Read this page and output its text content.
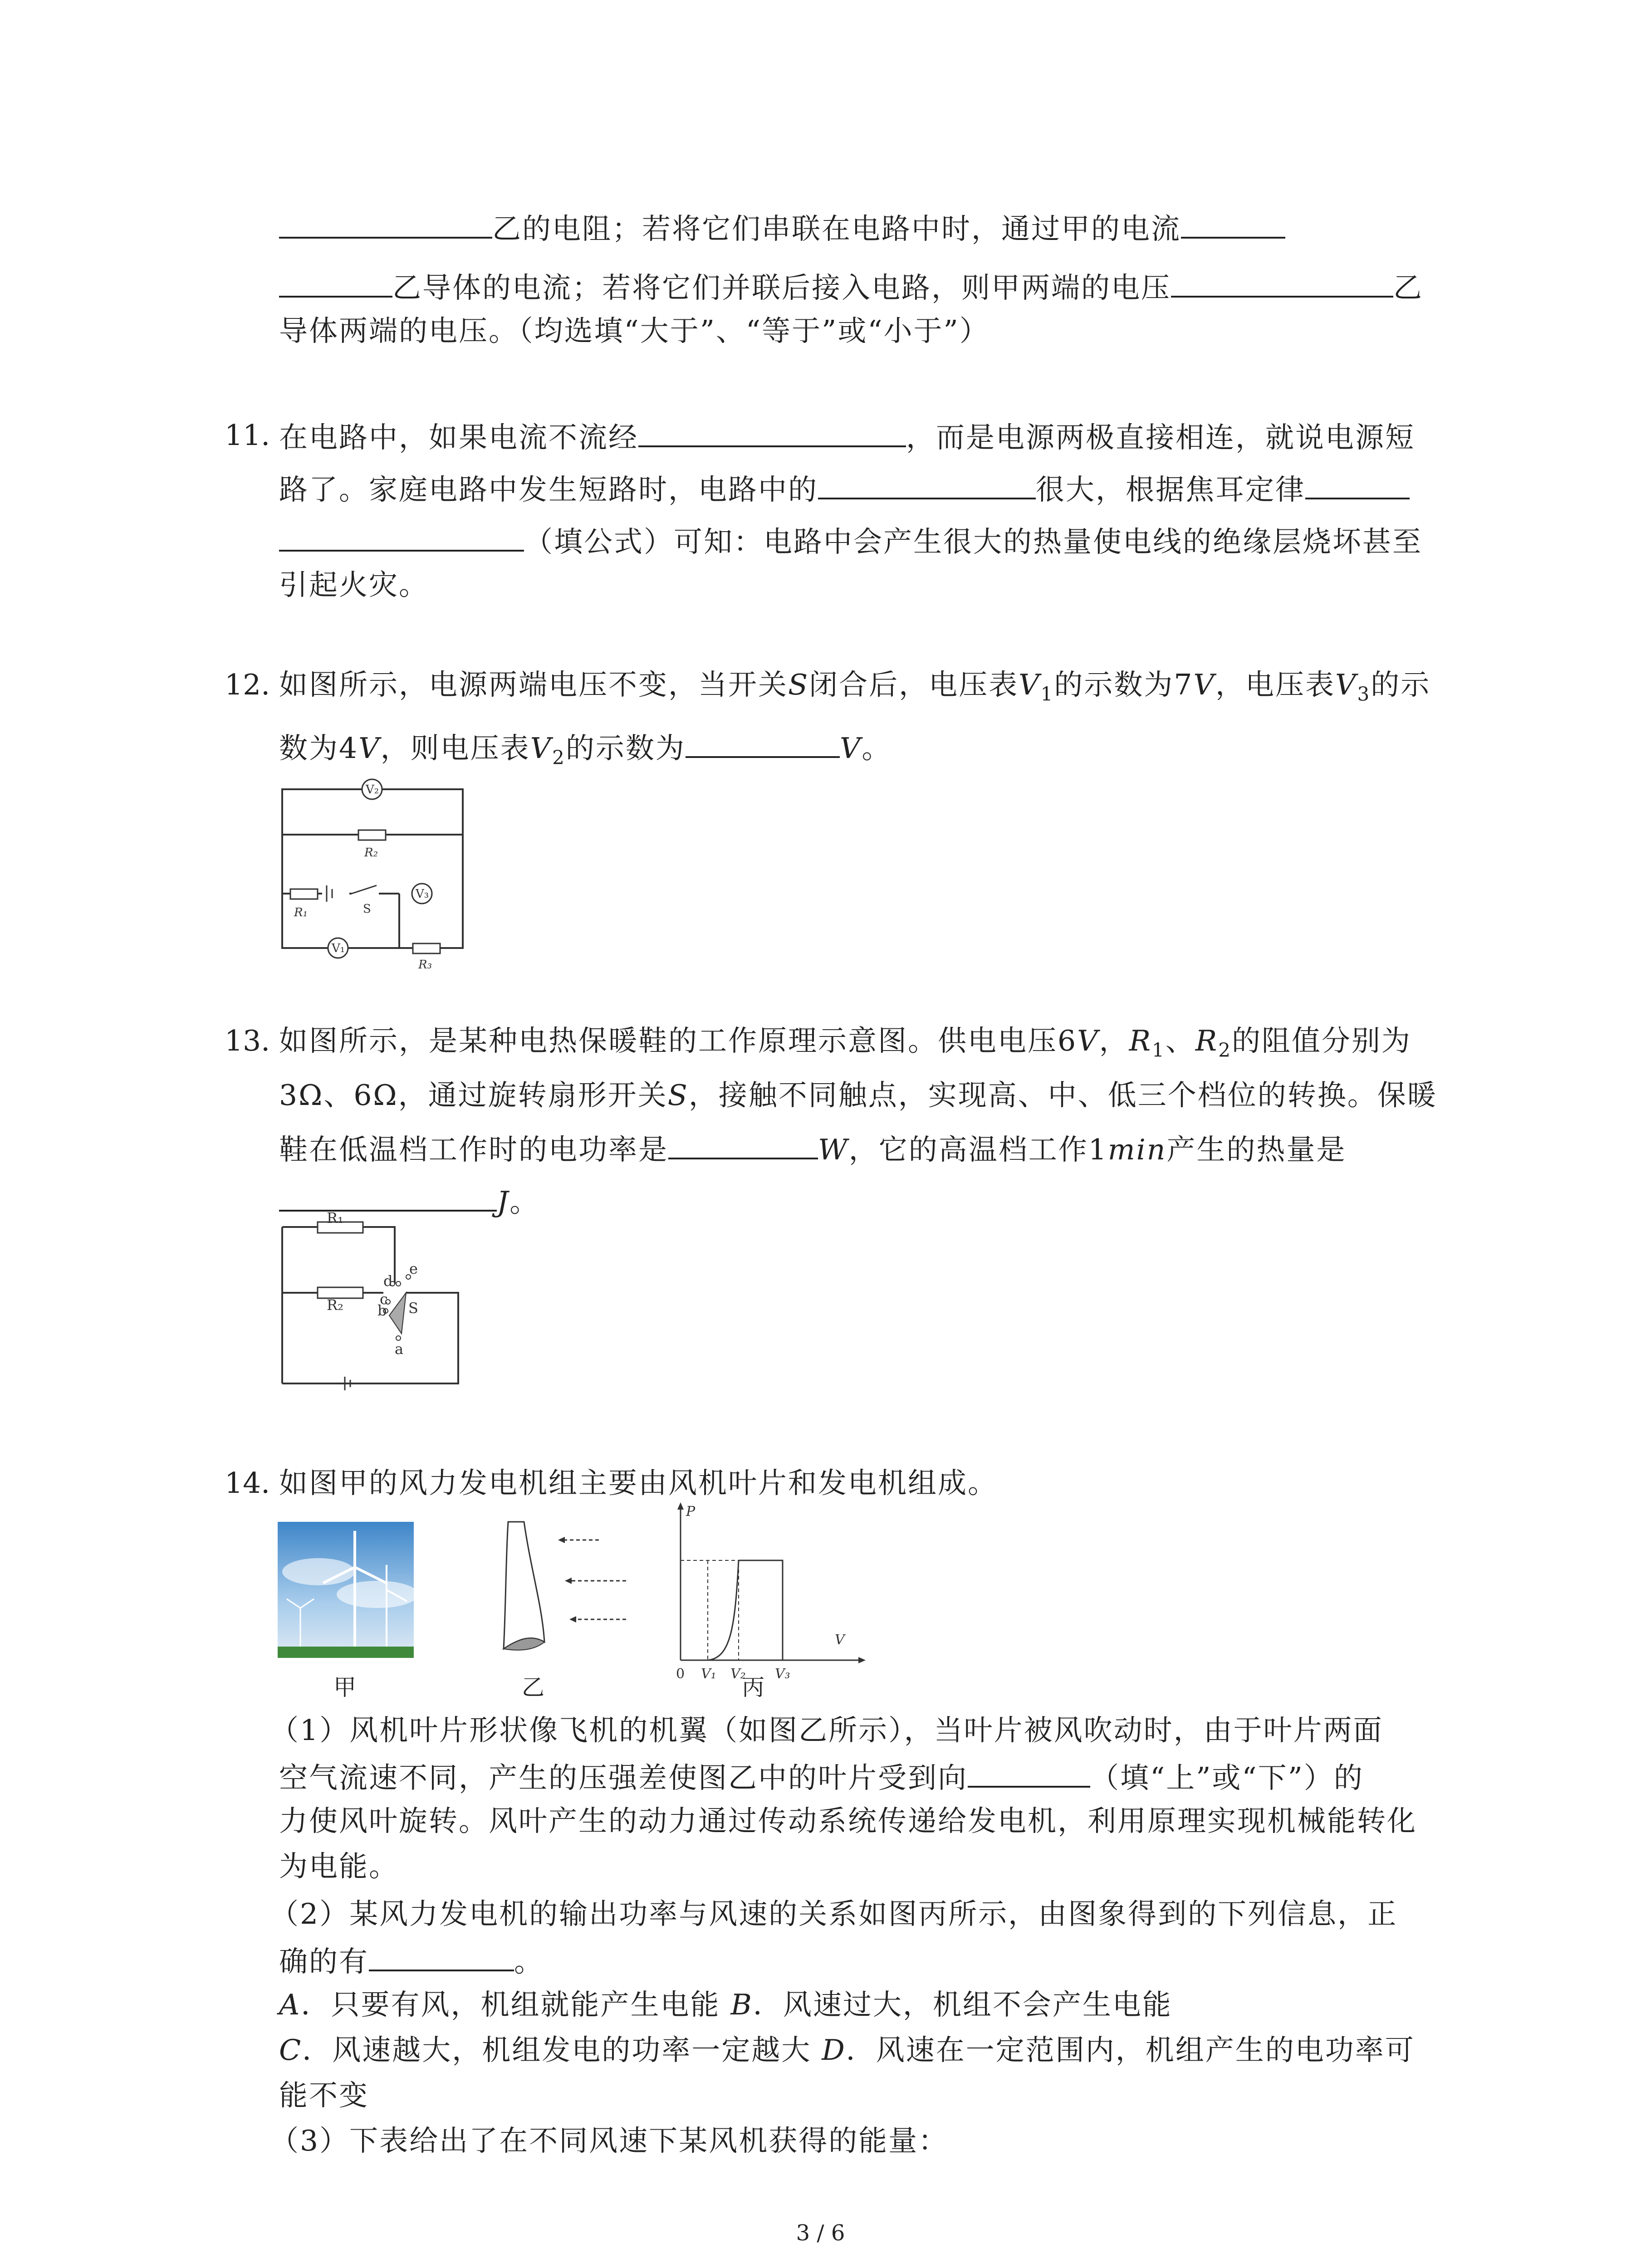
乙的电阻；若将它们串联在电路中时，通过甲的电流
乙导体的电流；若将它们并联后接入电路，则甲两端的电压	乙
导体两端的电压。（均选填“大于”、“等于”或“小于”）
11. 在电路中，如果电流不流经	，而是电源两极直接相连，就说电源短
路了。家庭电路中发生短路时，电路中的	很大，根据焦耳定律
（填公式）可知：电路中会产生很大的热量使电线的绝缘层烧坏甚至
引起火灾。
12. 如图所示，电源两端电压不变，当开关S闭合后，电压表$V_1$的示数为7V，电压表$V_3$的示
数为4V，则电压表$V_2$的示数为	V。
V₂
R₂
R₁	S
V₃
V₁
R₃
13. 如图所示，是某种电热保暖鞋的工作原理示意图。供电电压6V，$R_1$、$R_2$的阻值分别为
3Ω、6Ω，通过旋转扇形开关S，接触不同触点，实现高、中、低三个档位的转换。保暖
鞋在低温档工作时的电功率是	W，它的高温档工作1min产生的热量是
J。
R₁
R₂
d
e
c
b S
a
14. 如图甲的风力发电机组主要由风机叶片和发电机组成。
P
V
0 V₁ V₂ V₃
甲	乙	丙
（1）风机叶片形状像飞机的机翼（如图乙所示），当叶片被风吹动时，由于叶片两面
空气流速不同，产生的压强差使图乙中的叶片受到向	（填“上”或“下”）的
力使风叶旋转。风叶产生的动力通过传动系统传递给发电机，利用原理实现机械能转化
为电能。
（2）某风力发电机的输出功率与风速的关系如图丙所示，由图象得到的下列信息，正
确的有	。
A．只要有风，机组就能产生电能 B．风速过大，机组不会产生电能
C．风速越大，机组发电的功率一定越大 D．风速在一定范围内，机组产生的电功率可
能不变
（3）下表给出了在不同风速下某风机获得的能量：
3 / 6
